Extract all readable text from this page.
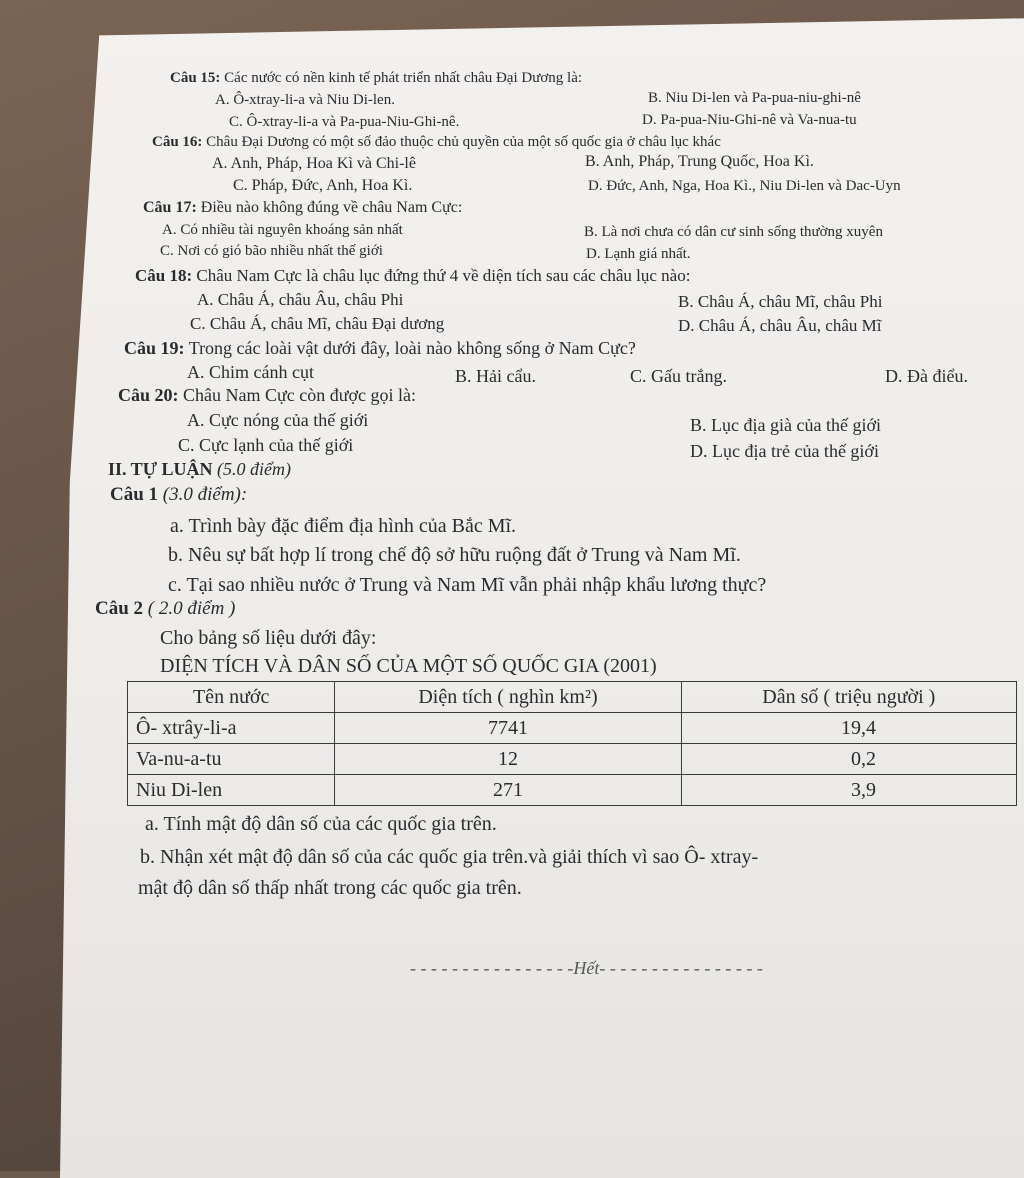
Câu 15: Các nước có nền kinh tế phát triển nhất châu Đại Dương là:
A. Ô-xtray-li-a và Niu Di-len.	B. Niu Di-len và Pa-pua-niu-ghi-nê
C. Ô-xtray-li-a và Pa-pua-Niu-Ghi-nê.	D. Pa-pua-Niu-Ghi-nê và Va-nua-tu
Câu 16: Châu Đại Dương có một số đảo thuộc chủ quyền của một số quốc gia ở châu lục khác
A. Anh, Pháp, Hoa Kì và Chi-lê	B. Anh, Pháp, Trung Quốc, Hoa Kì.
C. Pháp, Đức, Anh, Hoa Kì.	D. Đức, Anh, Nga, Hoa Kì., Niu Di-len và Dac-Uyn
Câu 17: Điều nào không đúng về châu Nam Cực:
A. Có nhiều tài nguyên khoáng sản nhất	B. Là nơi chưa có dân cư sinh sống thường xuyên
C. Nơi có gió bão nhiều nhất thế giới	D. Lạnh giá nhất.
Câu 18: Châu Nam Cực là châu lục đứng thứ 4 về diện tích sau các châu lục nào:
A. Châu Á, châu Âu, châu Phi	B. Châu Á, châu Mĩ, châu Phi
C. Châu Á, châu Mĩ, châu Đại dương	D. Châu Á, châu Âu, châu Mĩ
Câu 19: Trong các loài vật dưới đây, loài nào không sống ở Nam Cực?
A. Chim cánh cụt	B. Hải cẩu.	C. Gấu trắng.	D. Đà điểu.
Câu 20: Châu Nam Cực còn được gọi là:
A. Cực nóng của thế giới	B. Lục địa già của thế giới
C. Cực lạnh của thế giới	D. Lục địa trẻ của thế giới
II. TỰ LUẬN (5.0 điểm)
Câu 1 (3.0 điểm):
a. Trình bày đặc điểm địa hình của Bắc Mĩ.
b. Nêu sự bất hợp lí trong chế độ sở hữu ruộng đất ở Trung và Nam Mĩ.
c. Tại sao nhiều nước ở Trung và Nam Mĩ vẫn phải nhập khẩu lương thực?
Câu 2 ( 2.0 điểm )
Cho bảng số liệu dưới đây:
DIỆN TÍCH VÀ DÂN SỐ CỦA MỘT SỐ QUỐC GIA (2001)
Tên nước	Diện tích ( nghìn km²)	Dân số ( triệu người )
Ô- xtrây-li-a	7741	19,4
Va-nu-a-tu	12	0,2
Niu Di-len	271	3,9
a. Tính mật độ dân số của các quốc gia trên.
b. Nhận xét mật độ dân số của các quốc gia trên.và giải thích vì sao Ô- xtray-
mật độ dân số thấp nhất trong các quốc gia trên.
- - - - - - - - - - - - - - - -Hết- - - - - - - - - - - - - - - -
